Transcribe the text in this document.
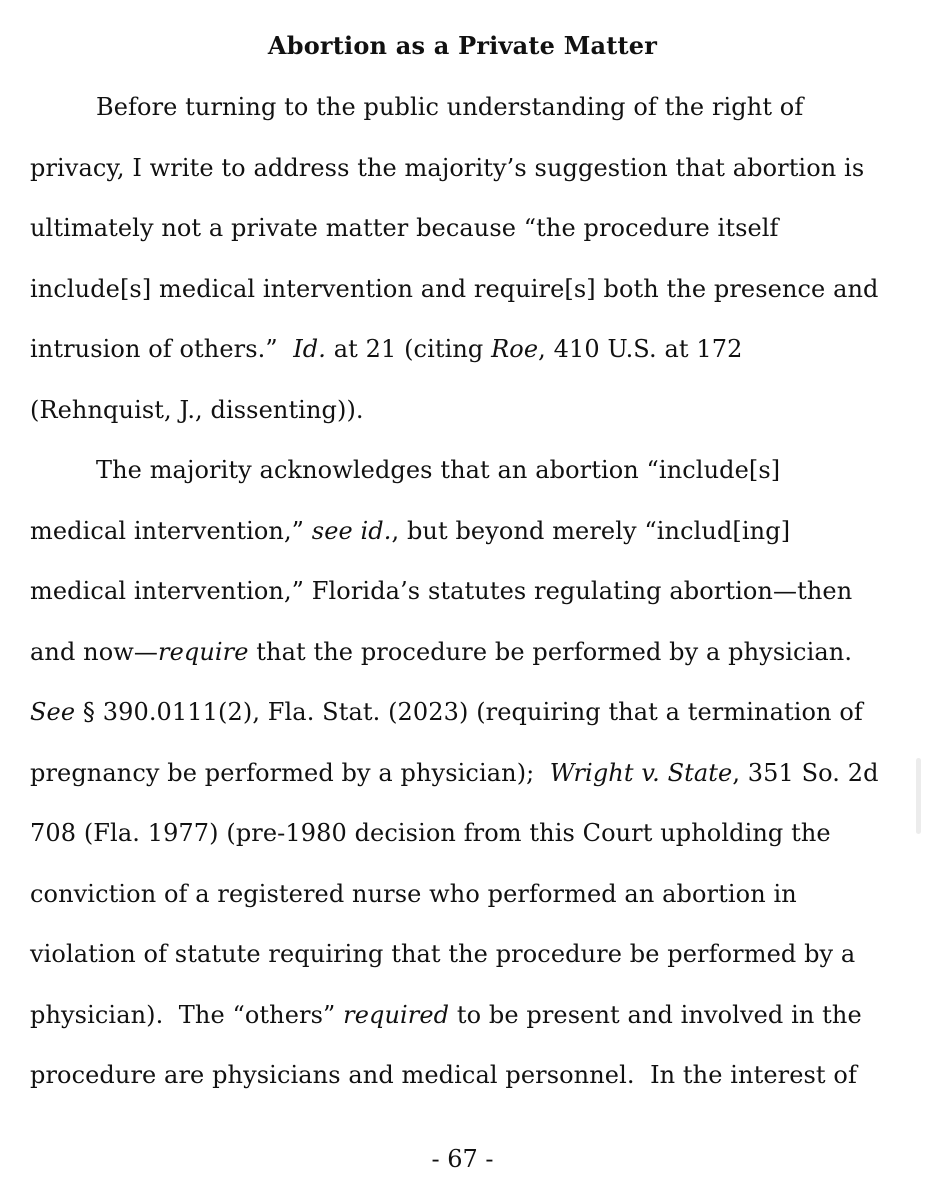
Abortion as a Private Matter
Before turning to the public understanding of the right of
privacy, I write to address the majority’s suggestion that abortion is
ultimately not a private matter because “the procedure itself
include[s] medical intervention and require[s] both the presence and
intrusion of others.”  Id. at 21 (citing Roe, 410 U.S. at 172
(Rehnquist, J., dissenting)).
The majority acknowledges that an abortion “include[s]
medical intervention,” see id., but beyond merely “includ[ing]
medical intervention,” Florida’s statutes regulating abortion—then
and now—require that the procedure be performed by a physician.
See § 390.0111(2), Fla. Stat. (2023) (requiring that a termination of
pregnancy be performed by a physician);  Wright v. State, 351 So. 2d
708 (Fla. 1977) (pre-1980 decision from this Court upholding the
conviction of a registered nurse who performed an abortion in
violation of statute requiring that the procedure be performed by a
physician).  The “others” required to be present and involved in the
procedure are physicians and medical personnel.  In the interest of
- 67 -
